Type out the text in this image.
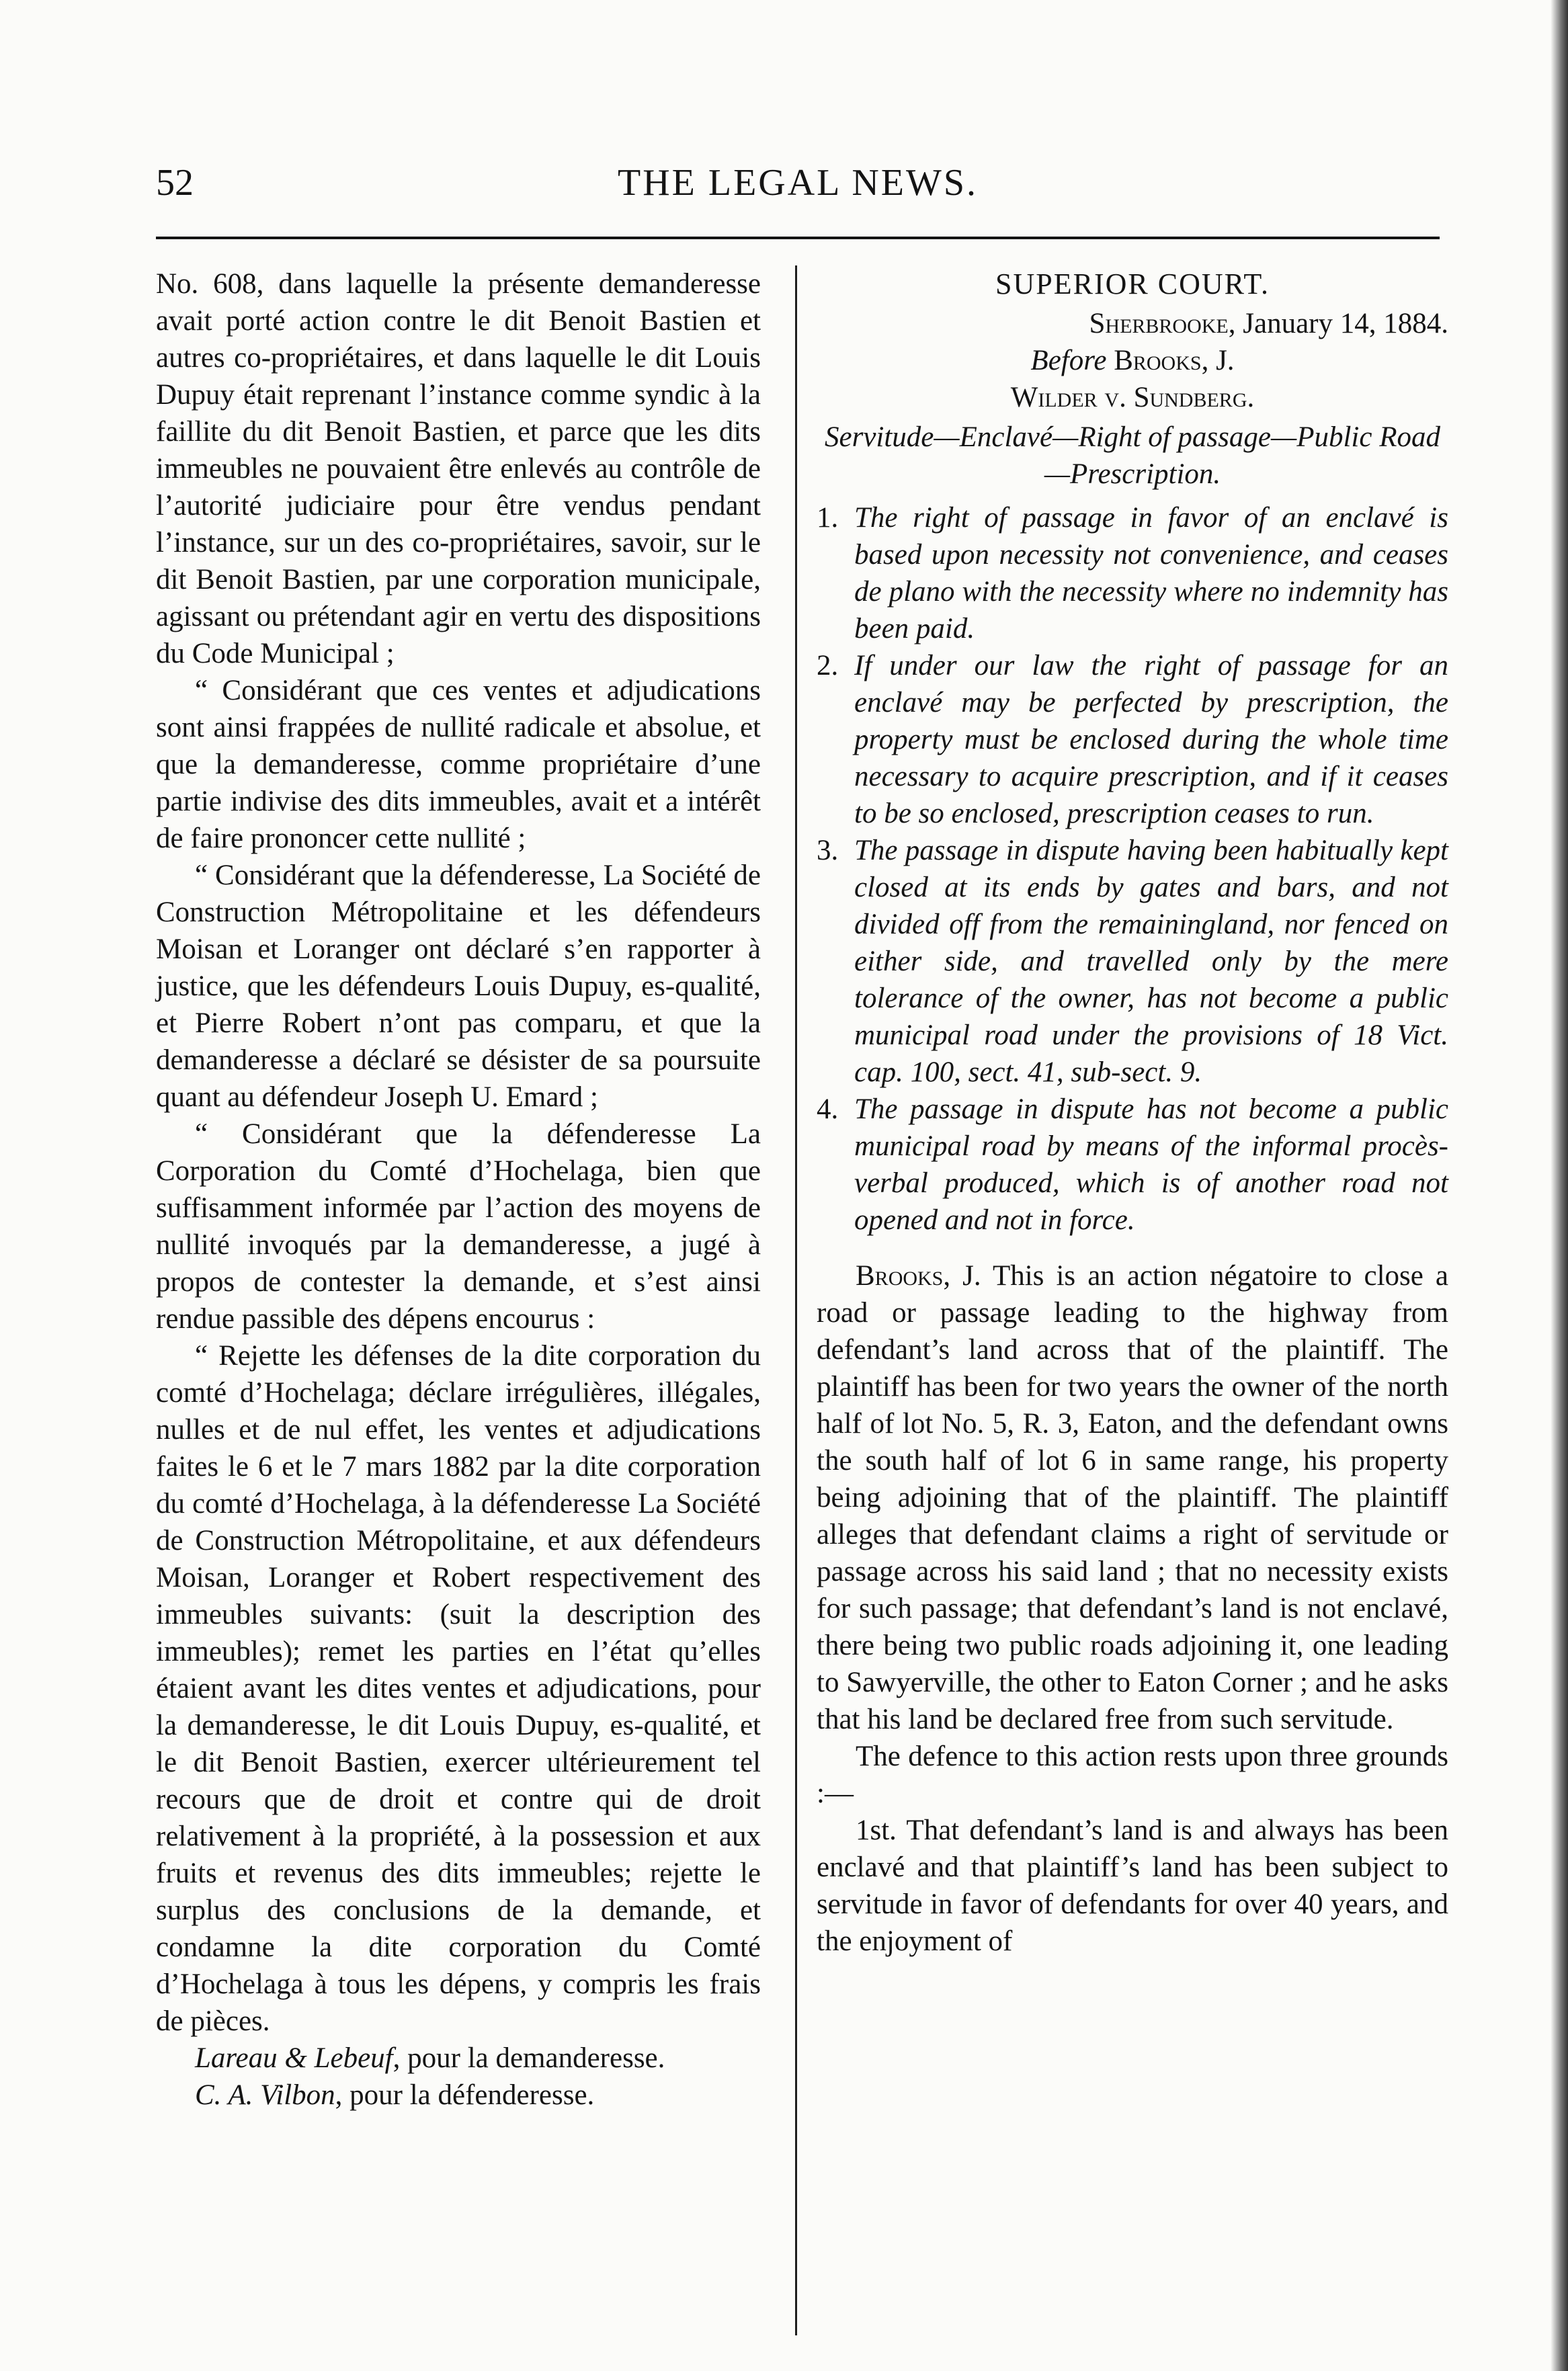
52	THE LEGAL NEWS.

No. 608, dans laquelle la présente demanderesse avait porté action contre le dit Benoit Bastien et autres co-propriétaires, et dans laquelle le dit Louis Dupuy était reprenant l’instance comme syndic à la faillite du dit Benoit Bastien, et parce que les dits immeubles ne pouvaient être enlevés au contrôle de l’autorité judiciaire pour être vendus pendant l’instance, sur un des co-propriétaires, savoir, sur le dit Benoit Bastien, par une corporation municipale, agissant ou prétendant agir en vertu des dispositions du Code Municipal ;

“ Considérant que ces ventes et adjudications sont ainsi frappées de nullité radicale et absolue, et que la demanderesse, comme propriétaire d’une partie indivise des dits immeubles, avait et a intérêt de faire prononcer cette nullité ;

“ Considérant que la défenderesse, La Société de Construction Métropolitaine et les défendeurs Moisan et Loranger ont déclaré s’en rapporter à justice, que les défendeurs Louis Dupuy, es-qualité, et Pierre Robert n’ont pas comparu, et que la demanderesse a déclaré se désister de sa poursuite quant au défendeur Joseph U. Emard ;

“ Considérant que la défenderesse La Corporation du Comté d’Hochelaga, bien que suffisamment informée par l’action des moyens de nullité invoqués par la demanderesse, a jugé à propos de contester la demande, et s’est ainsi rendue passible des dépens encourus :

“ Rejette les défenses de la dite corporation du comté d’Hochelaga; déclare irrégulières, illégales, nulles et de nul effet, les ventes et adjudications faites le 6 et le 7 mars 1882 par la dite corporation du comté d’Hochelaga, à la défenderesse La Société de Construction Métropolitaine, et aux défendeurs Moisan, Loranger et Robert respectivement des immeubles suivants: (suit la description des immeubles); remet les parties en l’état qu’elles étaient avant les dites ventes et adjudications, pour la demanderesse, le dit Louis Dupuy, es-qualité, et le dit Benoit Bastien, exercer ultérieurement tel recours que de droit et contre qui de droit relativement à la propriété, à la possession et aux fruits et revenus des dits immeubles; rejette le surplus des conclusions de la demande, et condamne la dite corporation du Comté d’Hochelaga à tous les dépens, y compris les frais de pièces.

Lareau & Lebeuf, pour la demanderesse.

C. A. Vilbon, pour la défenderesse.

SUPERIOR COURT.

Sherbrooke, January 14, 1884.

Before Brooks, J.

Wilder v. Sundberg.

Servitude—Enclavé—Right of passage—Public Road—Prescription.

1. The right of passage in favor of an enclavé is based upon necessity not convenience, and ceases de plano with the necessity where no indemnity has been paid.
2. If under our law the right of passage for an enclavé may be perfected by prescription, the property must be enclosed during the whole time necessary to acquire prescription, and if it ceases to be so enclosed, prescription ceases to run.
3. The passage in dispute having been habitually kept closed at its ends by gates and bars, and not divided off from the remainingland, nor fenced on either side, and travelled only by the mere tolerance of the owner, has not become a public municipal road under the provisions of 18 Vict. cap. 100, sect. 41, sub-sect. 9.
4. The passage in dispute has not become a public municipal road by means of the informal procès-verbal produced, which is of another road not opened and not in force.

Brooks, J. This is an action négatoire to close a road or passage leading to the highway from defendant’s land across that of the plaintiff. The plaintiff has been for two years the owner of the north half of lot No. 5, R. 3, Eaton, and the defendant owns the south half of lot 6 in same range, his property being adjoining that of the plaintiff. The plaintiff alleges that defendant claims a right of servitude or passage across his said land ; that no necessity exists for such passage; that defendant’s land is not enclavé, there being two public roads adjoining it, one leading to Sawyerville, the other to Eaton Corner ; and he asks that his land be declared free from such servitude.

The defence to this action rests upon three grounds :—

1st. That defendant’s land is and always has been enclavé and that plaintiff’s land has been subject to servitude in favor of defendants for over 40 years, and the enjoyment of
